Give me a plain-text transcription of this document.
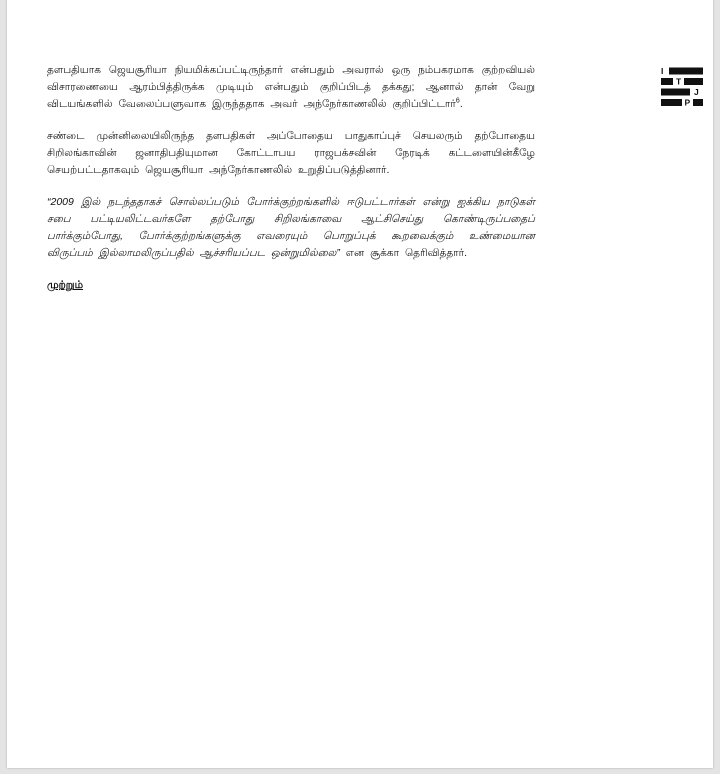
I
T
J
P

தளபதியாக ஜெயசூரியா நியமிக்கப்பட்டிருந்தார் என்பதும் அவரால் ஒரு நம்பகரமாக குற்றவியல் விசாரணையை ஆரம்பித்திருக்க முடியும் என்பதும் குறிப்பிடத் தக்கது; ஆனால் தான் வேறு விடயங்களில் வேலைப்பளுவாக இருந்ததாக அவர் அந்நேர்காணலில் குறிப்பிட்டார்$^6$.

சண்டை முன்னிலையிலிருந்த தளபதிகள் அப்போதைய பாதுகாப்புச் செயலரும் தற்போதைய சிறிலங்காவின் ஜனாதிபதியுமான கோட்டாபய ராஜபக்சவின் நேரடிக் கட்டளையின்கீழே செயற்பட்டதாகவும் ஜெயசூரியா அந்நேர்காணலில் உறுதிப்படுத்தினார்.

“2009 இல் நடந்ததாகச் சொல்லப்படும் போர்க்குற்றங்களில் ஈடுபட்டார்கள் என்று ஐக்கிய நாடுகள் சபை பட்டியலிட்டவர்களே தற்போது சிறிலங்காவை ஆட்சிசெய்து கொண்டிருப்பதைப் பார்க்கும்போது, போர்க்குற்றங்களுக்கு எவரையும் பொறுப்புக் கூறவைக்கும் உண்மையான விருப்பம் இல்லாமலிருப்பதில் ஆச்சரியப்பட ஒன்றுமில்லை” என சூக்கா தெரிவித்தார்.

முற்றும்
